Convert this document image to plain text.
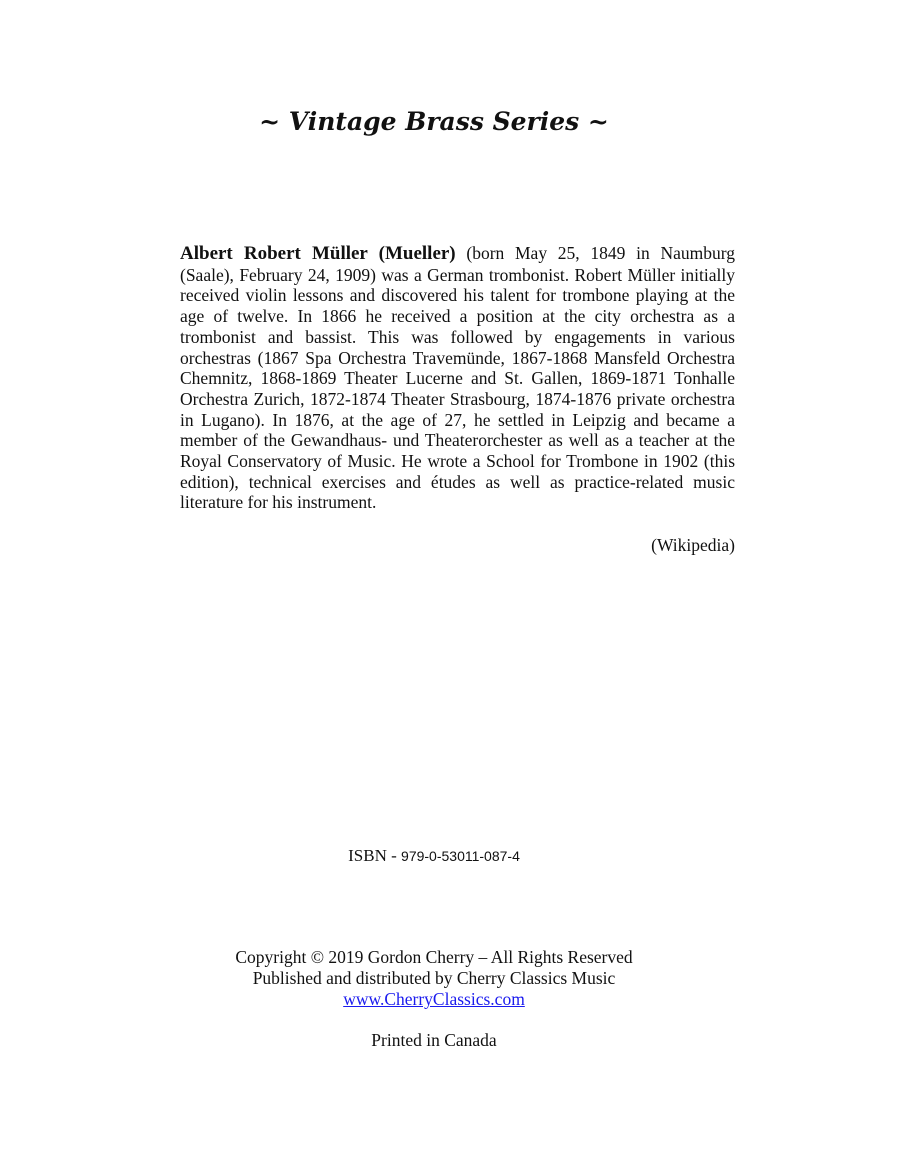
~ Vintage Brass Series ~

Albert Robert Müller (Mueller) (born May 25, 1849 in Naumburg (Saale), February 24, 1909) was a German trombonist. Robert Müller initially received violin lessons and discovered his talent for trombone playing at the age of twelve. In 1866 he received a position at the city orchestra as a trombonist and bassist. This was followed by engagements in various orchestras (1867 Spa Orchestra Travemünde, 1867-1868 Mansfeld Orchestra Chemnitz, 1868-1869 Theater Lucerne and St. Gallen, 1869-1871 Tonhalle Orchestra Zurich, 1872-1874 Theater Strasbourg, 1874-1876 private orchestra in Lugano). In 1876, at the age of 27, he settled in Leipzig and became a member of the Gewandhaus- und Theaterorchester as well as a teacher at the Royal Conservatory of Music. He wrote a School for Trombone in 1902 (this edition), technical exercises and études as well as practice-related music literature for his instrument.

(Wikipedia)

ISBN - 979-0-53011-087-4
Copyright © 2019 Gordon Cherry – All Rights Reserved
Published and distributed by Cherry Classics Music
www.CherryClassics.com
Printed in Canada
